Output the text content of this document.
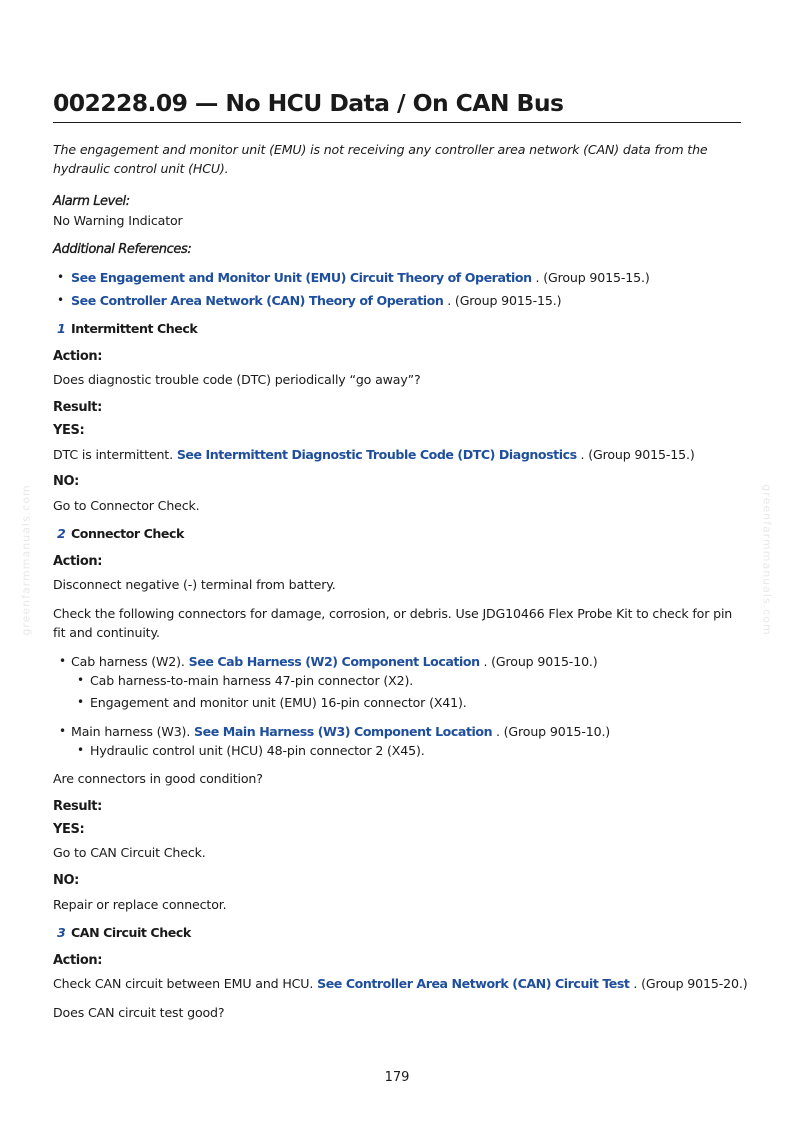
002228.09 — No HCU Data / On CAN Bus
The engagement and monitor unit (EMU) is not receiving any controller area network (CAN) data from the hydraulic control unit (HCU).
Alarm Level:
No Warning Indicator
Additional References:
• See Engagement and Monitor Unit (EMU) Circuit Theory of Operation . (Group 9015-15.)
• See Controller Area Network (CAN) Theory of Operation . (Group 9015-15.)
1 Intermittent Check
Action:
Does diagnostic trouble code (DTC) periodically “go away”?
Result:
YES:
DTC is intermittent. See Intermittent Diagnostic Trouble Code (DTC) Diagnostics . (Group 9015-15.)
NO:
Go to Connector Check.
2 Connector Check
Action:
Disconnect negative (-) terminal from battery.
Check the following connectors for damage, corrosion, or debris. Use JDG10466 Flex Probe Kit to check for pin fit and continuity.
• Cab harness (W2). See Cab Harness (W2) Component Location . (Group 9015-10.)
• Cab harness-to-main harness 47-pin connector (X2).
• Engagement and monitor unit (EMU) 16-pin connector (X41).
• Main harness (W3). See Main Harness (W3) Component Location . (Group 9015-10.)
• Hydraulic control unit (HCU) 48-pin connector 2 (X45).
Are connectors in good condition?
Result:
YES:
Go to CAN Circuit Check.
NO:
Repair or replace connector.
3 CAN Circuit Check
Action:
Check CAN circuit between EMU and HCU. See Controller Area Network (CAN) Circuit Test . (Group 9015-20.)
Does CAN circuit test good?
179
greenfarmmanuals.com	greenfarmmanuals.com
